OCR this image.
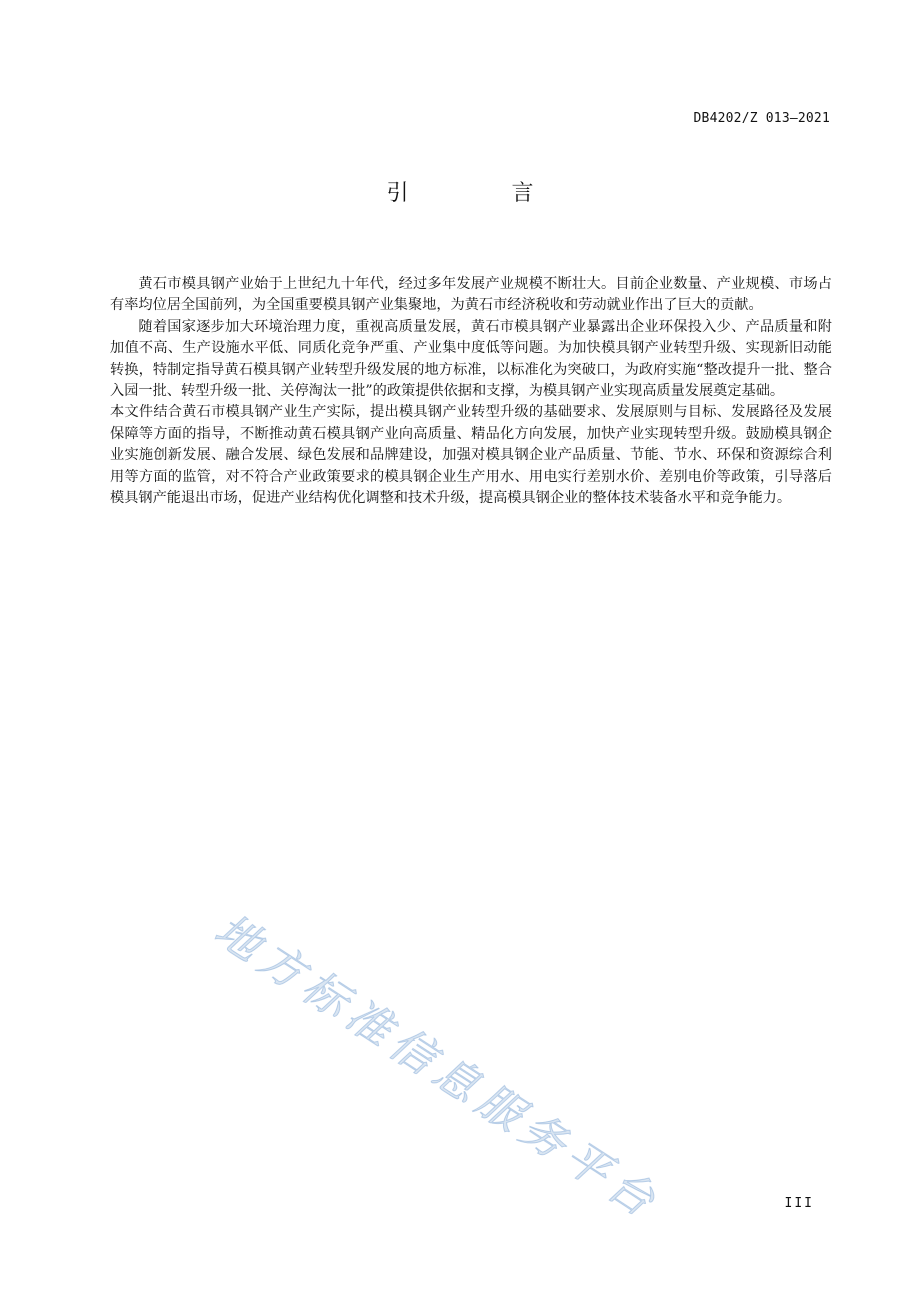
DB4202/Z 013—2021
引 言

黄石市模具钢产业始于上世纪九十年代，经过多年发展产业规模不断壮大。目前企业数量、产业规模、市场占有率均位居全国前列，为全国重要模具钢产业集聚地，为黄石市经济税收和劳动就业作出了巨大的贡献。

随着国家逐步加大环境治理力度，重视高质量发展，黄石市模具钢产业暴露出企业环保投入少、产品质量和附加值不高、生产设施水平低、同质化竞争严重、产业集中度低等问题。为加快模具钢产业转型升级、实现新旧动能转换，特制定指导黄石模具钢产业转型升级发展的地方标准，以标准化为突破口，为政府实施“整改提升一批、整合入园一批、转型升级一批、关停淘汰一批”的政策提供依据和支撑，为模具钢产业实现高质量发展奠定基础。

本文件结合黄石市模具钢产业生产实际，提出模具钢产业转型升级的基础要求、发展原则与目标、发展路径及发展保障等方面的指导，不断推动黄石模具钢产业向高质量、精品化方向发展，加快产业实现转型升级。鼓励模具钢企业实施创新发展、融合发展、绿色发展和品牌建设，加强对模具钢企业产品质量、节能、节水、环保和资源综合利用等方面的监管，对不符合产业政策要求的模具钢企业生产用水、用电实行差别水价、差别电价等政策，引导落后模具钢产能退出市场，促进产业结构优化调整和技术升级，提高模具钢企业的整体技术装备水平和竞争能力。

地方标准信息服务平台	III
